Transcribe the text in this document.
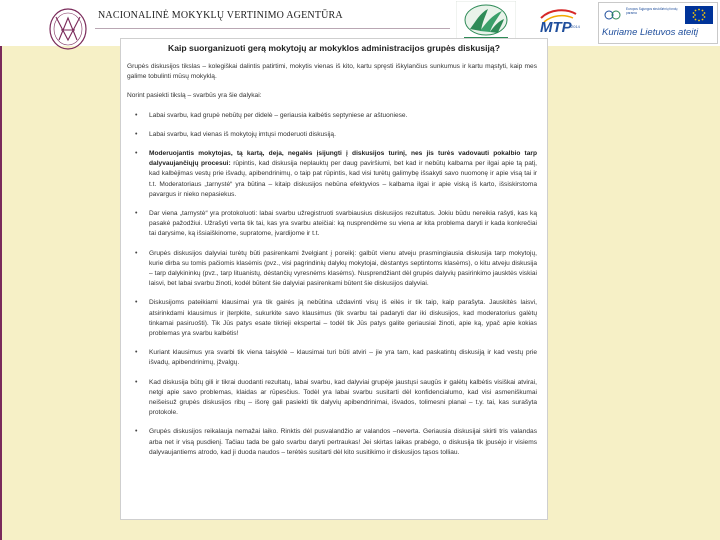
NACIONALINĖ MOKYKLŲ VERTINIMO AGENTŪRA
MTP 2014
Europos Sąjungos struktūrinių fondų parama
Kuriame Lietuvos ateitį
Kaip suorganizuoti gerą mokytojų ar mokyklos administracijos grupės diskusiją?

Grupės diskusijos tikslas – kolegiškai dalintis patirtimi, mokytis vienas iš kito, kartu spręsti iškylančius sunkumus ir kartu mąstyti, kaip mes galime tobulinti mūsų mokyklą.

Norint pasiekti tikslą – svarbūs yra šie dalykai:

• Labai svarbu, kad grupė nebūtų per didelė – geriausia kalbėtis septyniese ar aštuoniese.
• Labai svarbu, kad vienas iš mokytojų imtųsi moderuoti diskusiją.
• Moderuojantis mokytojas, tą kartą, deja, negalės įsijungti į diskusijos turinį, nes jis turės vadovauti pokalbio tarp dalyvaujančiųjų procesui: rūpintis, kad diskusija neplauktų per daug paviršiumi, bet kad ir nebūtų kalbama per ilgai apie tą patį, kad kalbėjimas vestų prie išvadų, apibendrinimų, o taip pat rūpintis, kad visi turėtų galimybę išsakyti savo nuomonę ir apie visą tai ir t.t. Moderatoriaus „tarnystė“ yra būtina – kitaip diskusijos nebūna efektyvios – kalbama ilgai ir apie viską iš karto, išsiskirstoma pavargus ir nieko nepasiekus.
• Dar viena „tarnystė“ yra protokoluoti: labai svarbu užregistruoti svarbiausius diskusijos rezultatus. Jokiu būdu nereikia rašyti, kas ką pasakė pažodžiui. Užrašyti verta tik tai, kas yra svarbu ateičiai: ką nusprendėme su viena ar kita problema daryti ir kada konkrečiai tai darysime, ką išsiaiškinome, supratome, įvardijome ir t.t.
• Grupės diskusijos dalyviai turėtų būti pasirenkami žvelgiant į poreikį: galbūt vienu atveju prasmingiausia diskusija tarp mokytojų, kurie dirba su tomis pačiomis klasėmis (pvz., visi pagrindinių dalykų mokytojai, dėstantys septintoms klasėms), o kitu atveju diskusija – tarp dalykininkų (pvz., tarp lituanistų, dėstančių vyresnėms klasėms). Nusprendžiant dėl grupės dalyvių pasirinkimo jausktės viskiai laisvi, bet labai svarbu žinoti, kodėl būtent šie dalyviai pasirenkami būtent šie diskusijos dalyviai.
• Diskusijoms pateikiami klausimai yra tik gairės ją nebūtina uždavinti visų iš eilės ir tik taip, kaip parašyta. Jauskitės laisvi, atsirinkdami klausimus ir įterpkite, sukurkite savo klausimus (tik svarbu tai padaryti dar iki diskusijos, kad moderatorius galėtų tinkamai pasiruošti). Tik Jūs patys esate tikrieji ekspertai – todėl tik Jūs patys galite geriausiai žinoti, apie ką, ypač apie kokias problemas yra svarbu kalbėtis!
• Kuriant klausimus yra svarbi tik viena taisyklė – klausimai turi būti atviri – jie yra tam, kad paskatintų diskusiją ir kad vestų prie išvadų, apibendrinimų, įžvalgų.
• Kad diskusija būtų gili ir tikrai duodanti rezultatų, labai svarbu, kad dalyviai grupėje jaustųsi saugūs ir galėtų kalbėtis visiškai atvirai, netgi apie savo problemas, klaidas ar rūpesčius. Todėl yra labai svarbu susitarti dėl konfidencialumo, kad visi asmeniškumai neišeisuž grupės diskusijos ribų – išorę gali pasiekti tik dalyvių apibendrinimai, išvados, tolimesni planai – t.y. tai, kas surašyta protokole.
• Grupės diskusijos reikalauja nemažai laiko. Rinktis dėl pusvalandžio ar valandos –neverta. Geriausia diskusijai skirti tris valandas arba net ir visą pusdienį. Tačiau tada be galo svarbu daryti pertraukas! Jei skirtas laikas prabėgo, o diskusija tik įpusėjo ir visiems dalyvaujantiems atrodo, kad ji duoda naudos – terėtės susitarti dėl kito susitikimo ir diskusijos tąsos tolliau.
